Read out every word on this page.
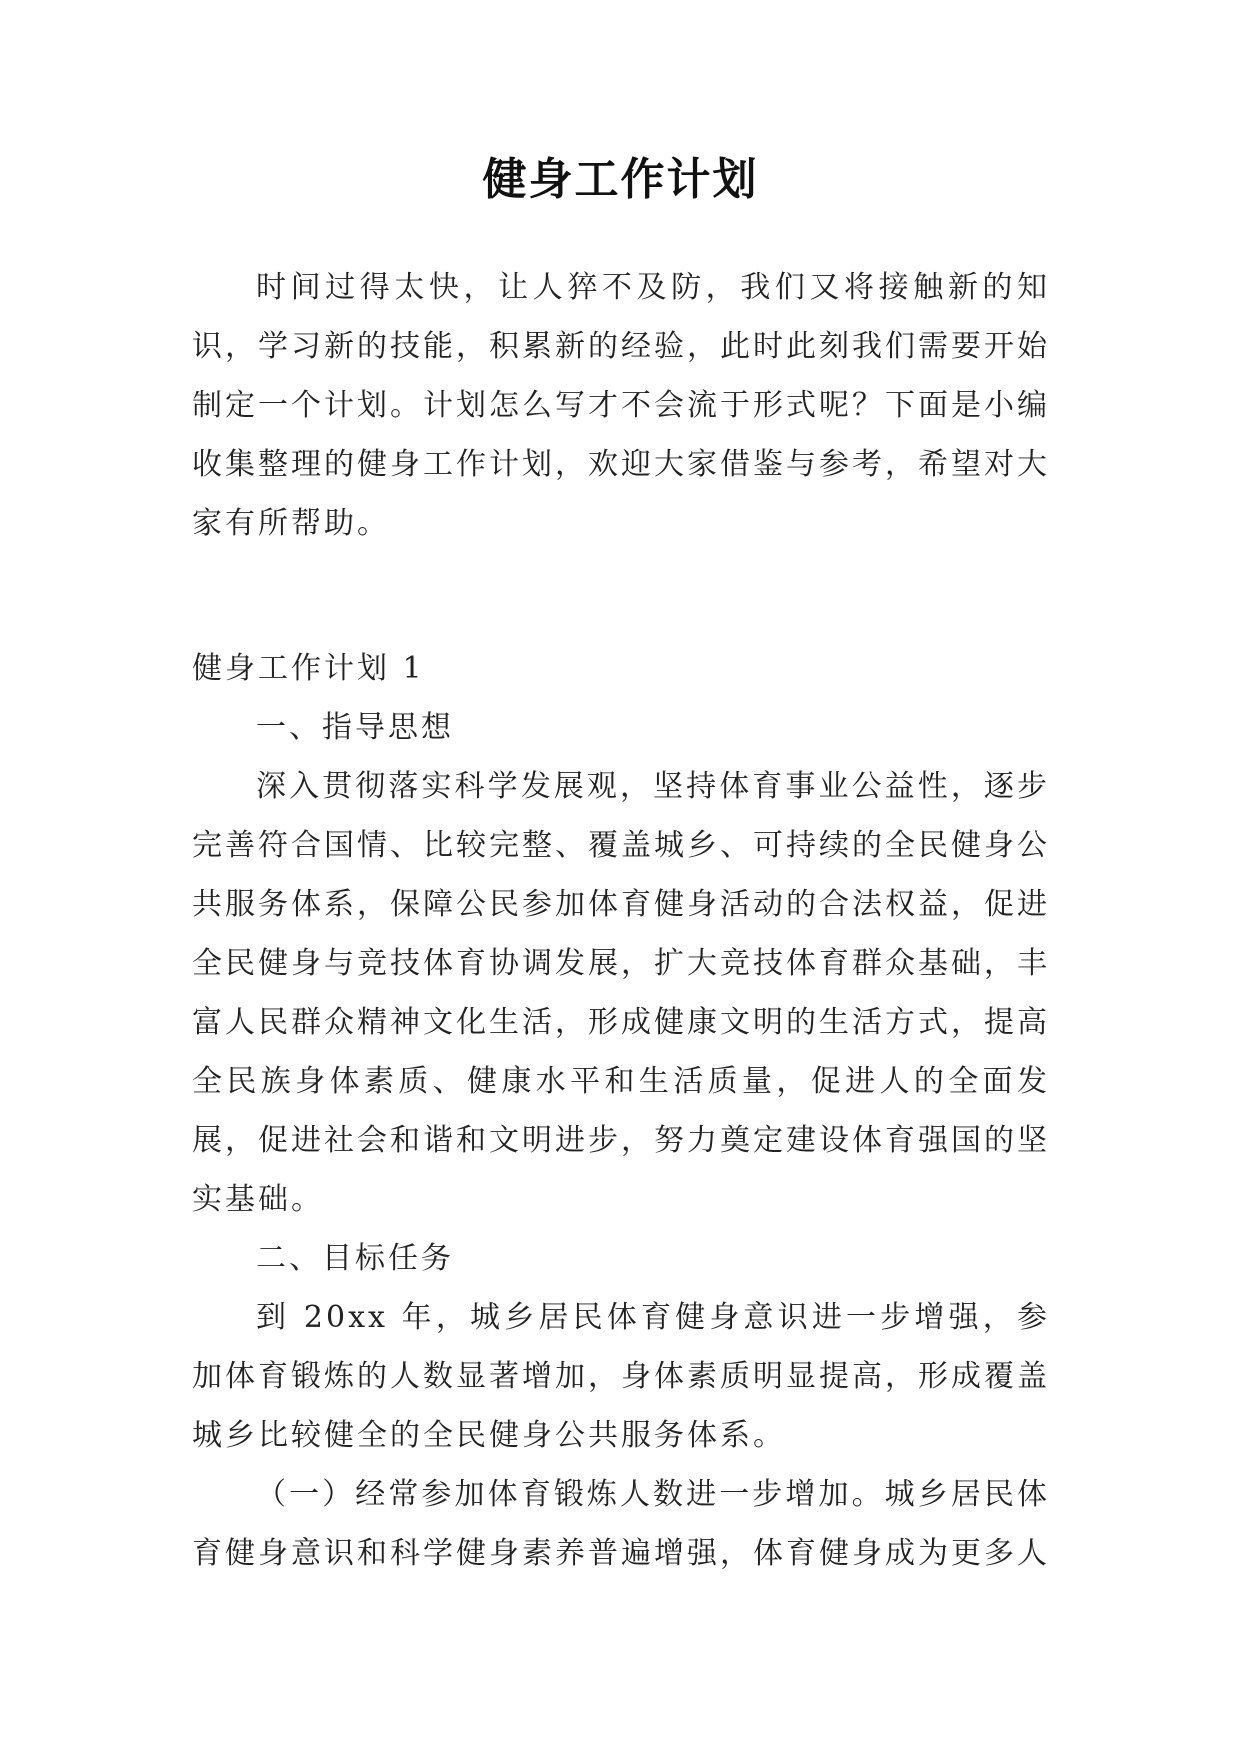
健身工作计划

时间过得太快，让人猝不及防，我们又将接触新的知识，学习新的技能，积累新的经验，此时此刻我们需要开始制定一个计划。计划怎么写才不会流于形式呢？下面是小编收集整理的健身工作计划，欢迎大家借鉴与参考，希望对大家有所帮助。

健身工作计划 1

一、指导思想

深入贯彻落实科学发展观，坚持体育事业公益性，逐步完善符合国情、比较完整、覆盖城乡、可持续的全民健身公共服务体系，保障公民参加体育健身活动的合法权益，促进全民健身与竞技体育协调发展，扩大竞技体育群众基础，丰富人民群众精神文化生活，形成健康文明的生活方式，提高全民族身体素质、健康水平和生活质量，促进人的全面发展，促进社会和谐和文明进步，努力奠定建设体育强国的坚实基础。

二、目标任务

到 20xx 年，城乡居民体育健身意识进一步增强，参加体育锻炼的人数显著增加，身体素质明显提高，形成覆盖城乡比较健全的全民健身公共服务体系。

（一）经常参加体育锻炼人数进一步增加。城乡居民体育健身意识和科学健身素养普遍增强，体育健身成为更多人
